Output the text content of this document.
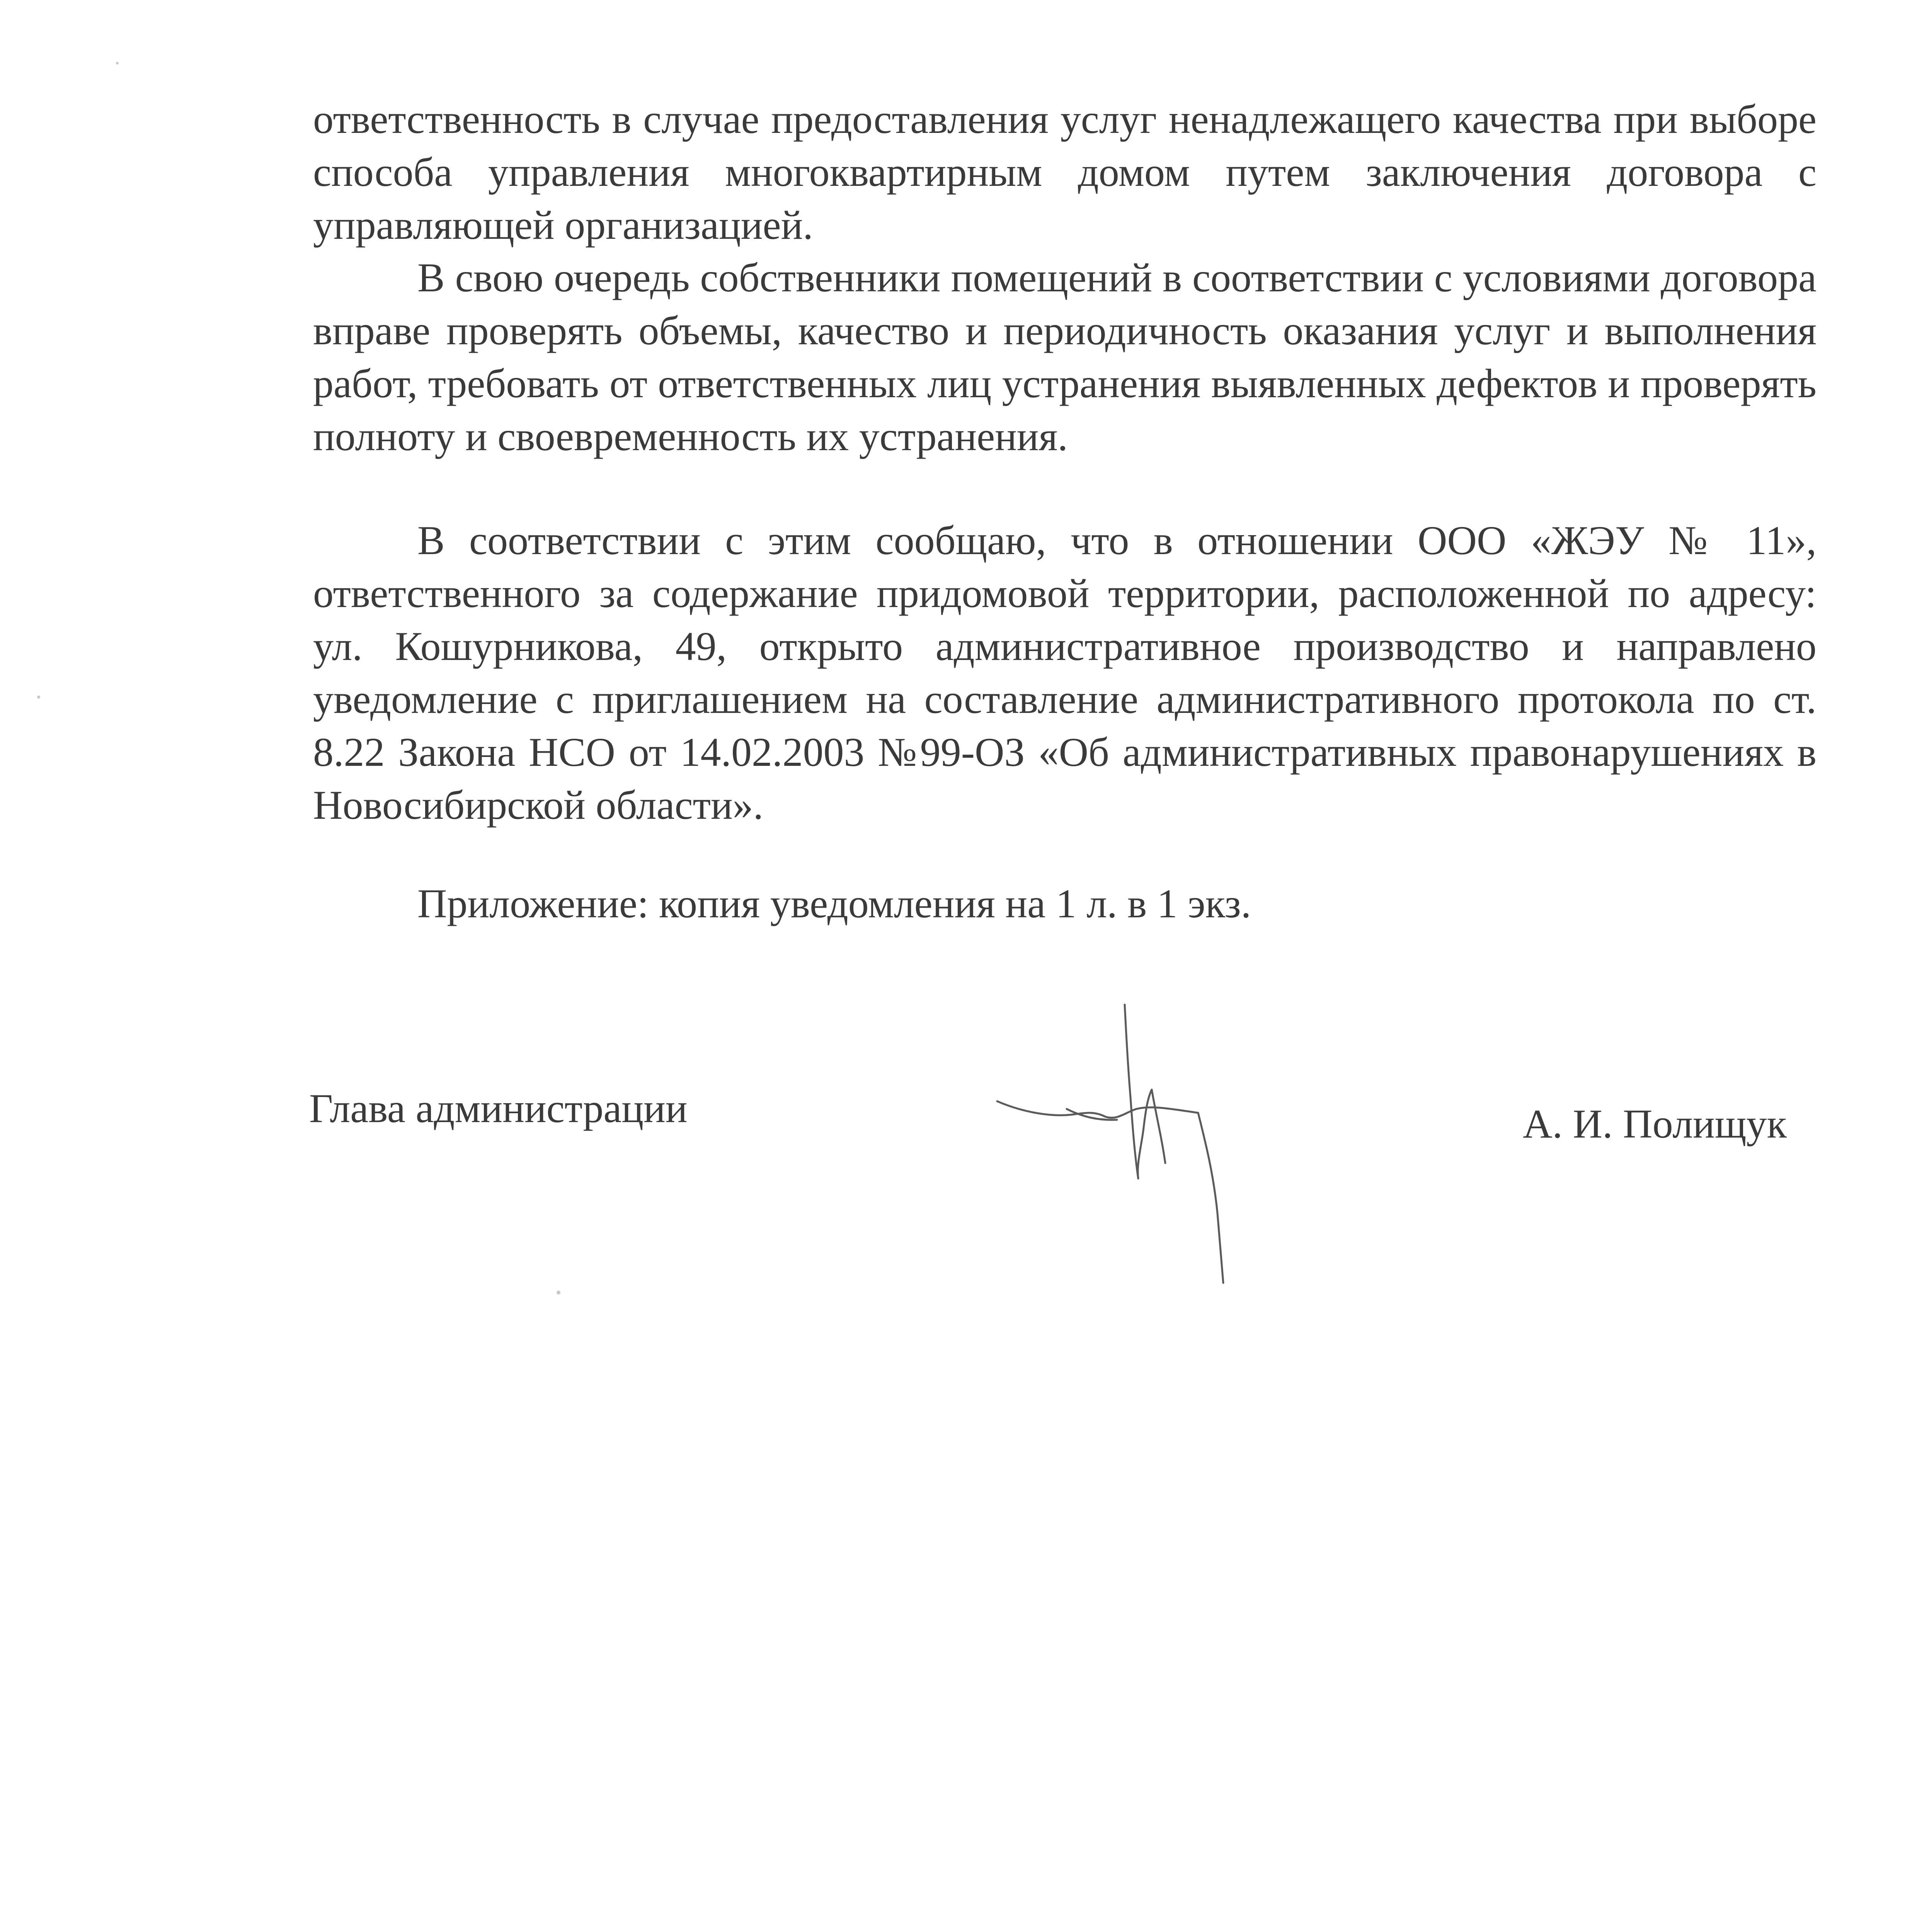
ответственность в случае предоставления услуг ненадлежащего качества при выборе способа управления многоквартирным домом путем заключения договора с управляющей организацией.

В свою очередь собственники помещений в соответствии с условиями договора вправе проверять объемы, качество и периодичность оказания услуг и выполнения работ, требовать от ответственных лиц устранения выявленных дефектов и проверять полноту и своевременность их устранения.

В соответствии с этим сообщаю, что в отношении ООО «ЖЭУ № 11», ответственного за содержание придомовой территории, расположенной по адресу: ул. Кошурникова, 49, открыто административное производство и направлено уведомление с приглашением на составление административного протокола по ст. 8.22 Закона НСО от 14.02.2003 №99-ОЗ «Об административных правонарушениях в Новосибирской области».

Приложение: копия уведомления на 1 л. в 1 экз.

Глава администрации	А. И. Полищук
